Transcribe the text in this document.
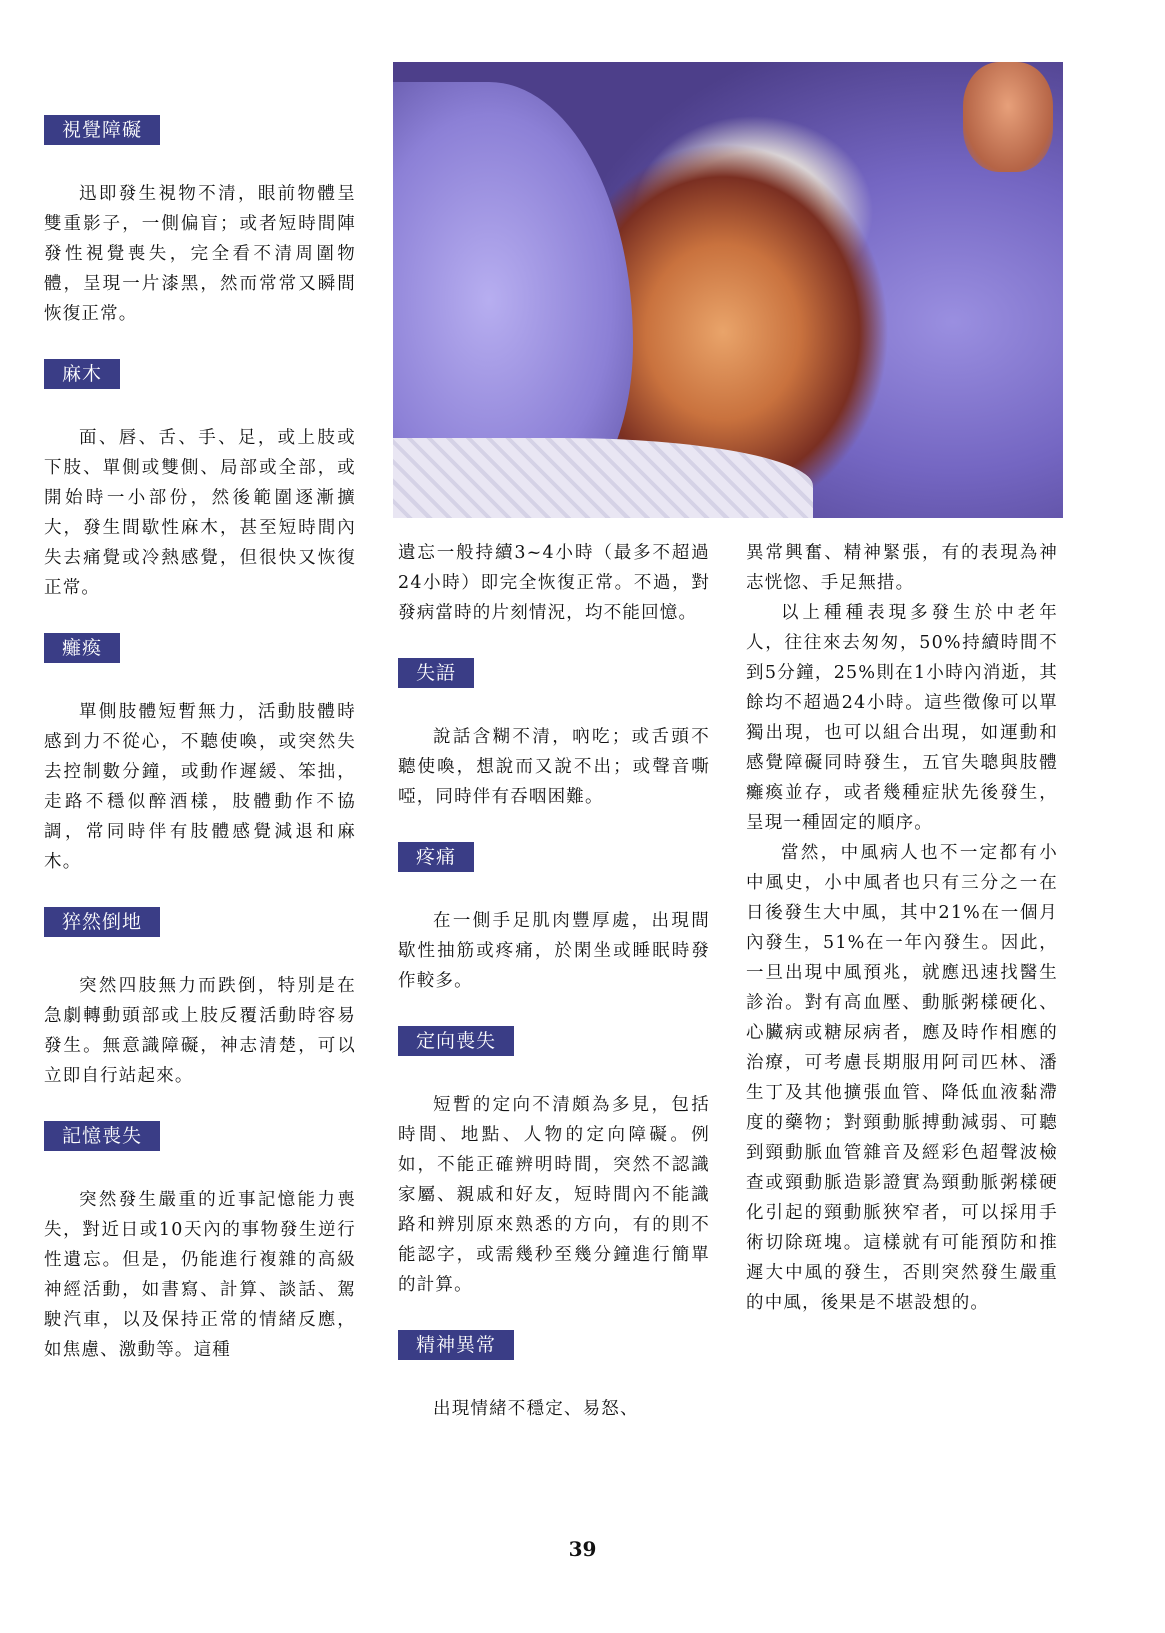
視覺障礙

迅即發生視物不清，眼前物體呈雙重影子，一側偏盲；或者短時間陣發性視覺喪失，完全看不清周圍物體，呈現一片漆黑，然而常常又瞬間恢復正常。

麻木

面、唇、舌、手、足，或上肢或下肢、單側或雙側、局部或全部，或開始時一小部份，然後範圍逐漸擴大，發生間歇性麻木，甚至短時間內失去痛覺或冷熱感覺，但很快又恢復正常。

癱瘓

單側肢體短暫無力，活動肢體時感到力不從心，不聽使喚，或突然失去控制數分鐘，或動作遲緩、笨拙，走路不穩似醉酒樣，肢體動作不協調，常同時伴有肢體感覺減退和麻木。

猝然倒地

突然四肢無力而跌倒，特別是在急劇轉動頭部或上肢反覆活動時容易發生。無意識障礙，神志清楚，可以立即自行站起來。

記憶喪失

突然發生嚴重的近事記憶能力喪失，對近日或10天內的事物發生逆行性遺忘。但是，仍能進行複雜的高級神經活動，如書寫、計算、談話、駕駛汽車，以及保持正常的情緒反應，如焦慮、激動等。這種

遺忘一般持續3~4小時（最多不超過24小時）即完全恢復正常。不過，對發病當時的片刻情況，均不能回憶。

失語

說話含糊不清，吶吃；或舌頭不聽使喚，想說而又說不出；或聲音嘶啞，同時伴有吞咽困難。

疼痛

在一側手足肌肉豐厚處，出現間歇性抽筋或疼痛，於閑坐或睡眠時發作較多。

定向喪失

短暫的定向不清頗為多見，包括時間、地點、人物的定向障礙。例如，不能正確辨明時間，突然不認識家屬、親戚和好友，短時間內不能識路和辨別原來熟悉的方向，有的則不能認字，或需幾秒至幾分鐘進行簡單的計算。

精神異常

出現情緒不穩定、易怒、

異常興奮、精神緊張，有的表現為神志恍惚、手足無措。

以上種種表現多發生於中老年人，往往來去匆匆，50%持續時間不到5分鐘，25%則在1小時內消逝，其餘均不超過24小時。這些徵像可以單獨出現，也可以組合出現，如運動和感覺障礙同時發生，五官失聰與肢體癱瘓並存，或者幾種症狀先後發生，呈現一種固定的順序。

當然，中風病人也不一定都有小中風史，小中風者也只有三分之一在日後發生大中風，其中21%在一個月內發生，51%在一年內發生。因此，一旦出現中風預兆，就應迅速找醫生診治。對有高血壓、動脈粥樣硬化、心臟病或糖尿病者，應及時作相應的治療，可考慮長期服用阿司匹林、潘生丁及其他擴張血管、降低血液黏滯度的藥物；對頸動脈搏動減弱、可聽到頸動脈血管雜音及經彩色超聲波檢查或頸動脈造影證實為頸動脈粥樣硬化引起的頸動脈狹窄者，可以採用手術切除斑塊。這樣就有可能預防和推遲大中風的發生，否則突然發生嚴重的中風，後果是不堪設想的。

39
